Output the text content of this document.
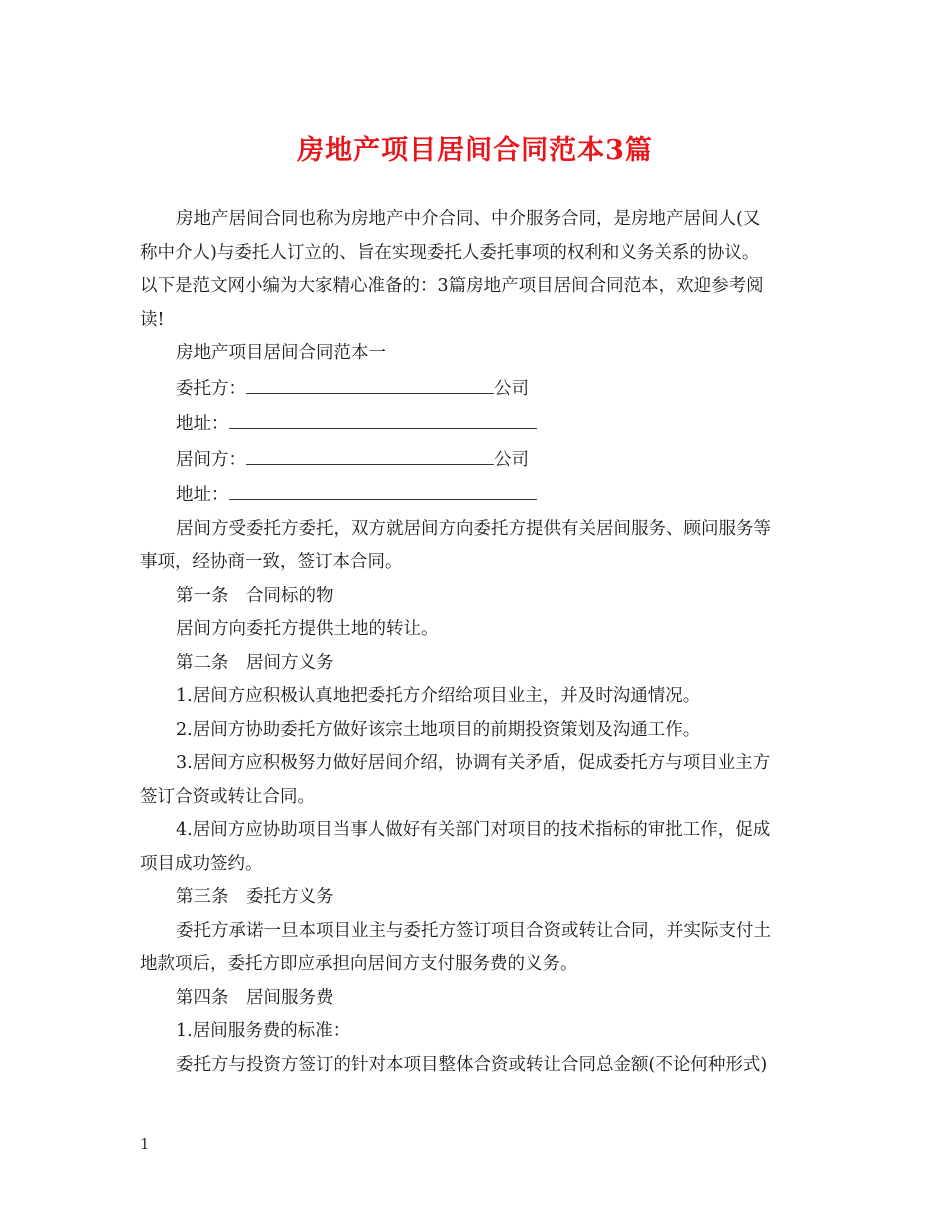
房地产项目居间合同范本3篇
房地产居间合同也称为房地产中介合同、中介服务合同，是房地产居间人(又
称中介人)与委托人订立的、旨在实现委托人委托事项的权利和义务关系的协议。
以下是范文网小编为大家精心准备的：3篇房地产项目居间合同范本，欢迎参考阅
读!
房地产项目居间合同范本一
委托方：	公司
地址：
居间方：	公司
地址：
居间方受委托方委托，双方就居间方向委托方提供有关居间服务、顾问服务等
事项，经协商一致，签订本合同。
第一条　合同标的物
居间方向委托方提供土地的转让。
第二条　居间方义务
1.居间方应积极认真地把委托方介绍给项目业主，并及时沟通情况。
2.居间方协助委托方做好该宗土地项目的前期投资策划及沟通工作。
3.居间方应积极努力做好居间介绍，协调有关矛盾，促成委托方与项目业主方
签订合资或转让合同。
4.居间方应协助项目当事人做好有关部门对项目的技术指标的审批工作，促成
项目成功签约。
第三条　委托方义务
委托方承诺一旦本项目业主与委托方签订项目合资或转让合同，并实际支付土
地款项后，委托方即应承担向居间方支付服务费的义务。
第四条　居间服务费
1.居间服务费的标准：
委托方与投资方签订的针对本项目整体合资或转让合同总金额(不论何种形式)
1
